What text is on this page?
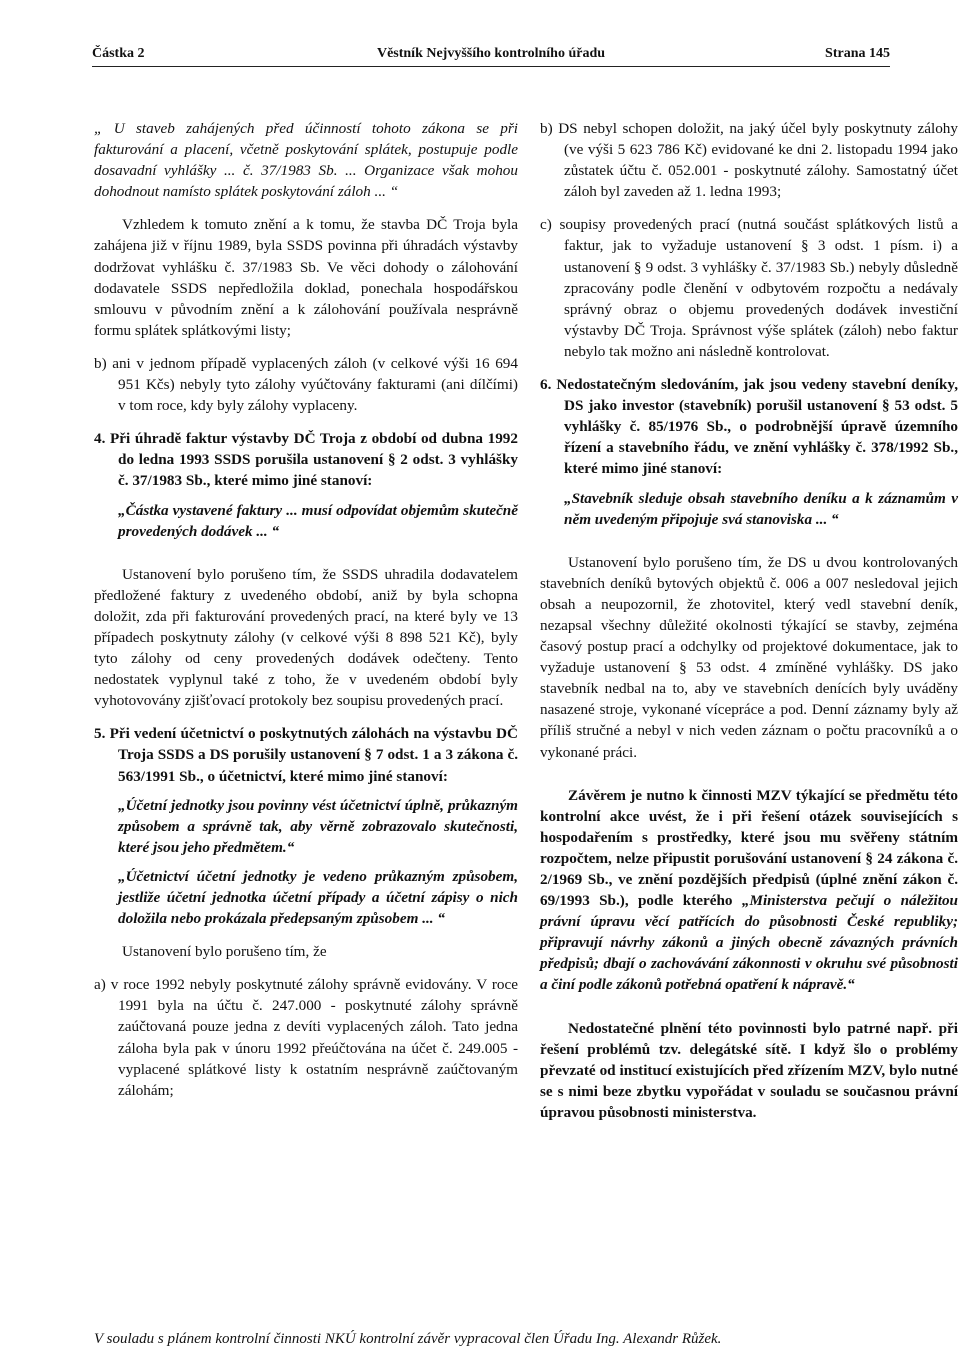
Částka 2	Věstník Nejvyššího kontrolního úřadu	Strana 145

„ U staveb zahájených před účinností tohoto zákona se při fakturování a placení, včetně poskytování splátek, postupuje podle dosavadní vyhlášky ... č. 37/1983 Sb. ... Organizace však mohou dohodnout namísto splátek poskytování záloh ... “

Vzhledem k tomuto znění a k tomu, že stavba DČ Troja byla zahájena již v říjnu 1989, byla SSDS povinna při úhradách výstavby dodržovat vyhlášku č. 37/1983 Sb. Ve věci dohody o zálohování dodavatele SSDS nepředložila doklad, ponechala hospodářskou smlouvu v původním znění a k zálohování používala nesprávně formu splátek splátkovými listy;

b) ani v jednom případě vyplacených záloh (v celkové výši 16 694 951 Kčs) nebyly tyto zálohy vyúčtovány fakturami (ani dílčími) v tom roce, kdy byly zálohy vyplaceny.

4. Při úhradě faktur výstavby DČ Troja z období od dubna 1992 do ledna 1993 SSDS porušila ustanovení § 2 odst. 3 vyhlášky č. 37/1983 Sb., které mimo jiné stanoví:

„Částka vystavené faktury ... musí odpovídat objemům skutečně provedených dodávek ... “

Ustanovení bylo porušeno tím, že SSDS uhradila dodavatelem předložené faktury z uvedeného období, aniž by byla schopna doložit, zda při fakturování provedených prací, na které byly ve 13 případech poskytnuty zálohy (v celkové výši 8 898 521 Kč), byly tyto zálohy od ceny provedených dodávek odečteny. Tento nedostatek vyplynul také z toho, že v uvedeném období byly vyhotovovány zjišťovací protokoly bez soupisu provedených prací.

5. Při vedení účetnictví o poskytnutých zálohách na výstavbu DČ Troja SSDS a DS porušily ustanovení § 7 odst. 1 a 3 zákona č. 563/1991 Sb., o účetnictví, které mimo jiné stanoví:

„Účetní jednotky jsou povinny vést účetnictví úplně, průkazným způsobem a správně tak, aby věrně zobrazovalo skutečnosti, které jsou jeho předmětem.“

„Účetnictví účetní jednotky je vedeno průkazným způsobem, jestliže účetní jednotka účetní případy a účetní zápisy o nich doložila nebo prokázala předepsaným způsobem ... “

Ustanovení bylo porušeno tím, že

a) v roce 1992 nebyly poskytnuté zálohy správně evidovány. V roce 1991 byla na účtu č. 247.000 - poskytnuté zálohy správně zaúčtovaná pouze jedna z devíti vyplacených záloh. Tato jedna záloha byla pak v únoru 1992 přeúčtována na účet č. 249.005 - vyplacené splátkové listy k ostatním nesprávně zaúčtovaným zálohám;

b) DS nebyl schopen doložit, na jaký účel byly poskytnuty zálohy (ve výši 5 623 786 Kč) evidované ke dni 2. listopadu 1994 jako zůstatek účtu č. 052.001 - poskytnuté zálohy. Samostatný účet záloh byl zaveden až 1. ledna 1993;

c) soupisy provedených prací (nutná součást splátkových listů a faktur, jak to vyžaduje ustanovení § 3 odst. 1 písm. i) a ustanovení § 9 odst. 3 vyhlášky č. 37/1983 Sb.) nebyly důsledně zpracovány podle členění v odbytovém rozpočtu a nedávaly správný obraz o objemu provedených dodávek investiční výstavby DČ Troja. Správnost výše splátek (záloh) nebo faktur nebylo tak možno ani následně kontrolovat.

6. Nedostatečným sledováním, jak jsou vedeny stavební deníky, DS jako investor (stavebník) porušil ustanovení § 53 odst. 5 vyhlášky č. 85/1976 Sb., o podrobnější úpravě územního řízení a stavebního řádu, ve znění vyhlášky č. 378/1992 Sb., které mimo jiné stanoví:

„Stavebník sleduje obsah stavebního deníku a k záznamům v něm uvedeným připojuje svá stanoviska ... “

Ustanovení bylo porušeno tím, že DS u dvou kontrolovaných stavebních deníků bytových objektů č. 006 a 007 nesledoval jejich obsah a neupozornil, že zhotovitel, který vedl stavební deník, nezapsal všechny důležité okolnosti týkající se stavby, zejména časový postup prací a odchylky od projektové dokumentace, jak to vyžaduje ustanovení § 53 odst. 4 zmíněné vyhlášky. DS jako stavebník nedbal na to, aby ve stavebních denících byly uváděny nasazené stroje, vykonané vícepráce a pod. Denní záznamy byly až příliš stručné a nebyl v nich veden záznam o počtu pracovníků a o vykonané práci.

Závěrem je nutno k činnosti MZV týkající se předmětu této kontrolní akce uvést, že i při řešení otázek souvisejících s hospodařením s prostředky, které jsou mu svěřeny státním rozpočtem, nelze připustit porušování ustanovení § 24 zákona č. 2/1969 Sb., ve znění pozdějších předpisů (úplné znění zákon č. 69/1993 Sb.), podle kterého „Ministerstva pečují o náležitou právní úpravu věcí patřících do působnosti České republiky; připravují návrhy zákonů a jiných obecně závazných právních předpisů; dbají o zachovávání zákonnosti v okruhu své působnosti a činí podle zákonů potřebná opatření k nápravě.“

Nedostatečné plnění této povinnosti bylo patrné např. při řešení problémů tzv. delegátské sítě. I když šlo o problémy převzaté od institucí existujících před zřízením MZV, bylo nutné se s nimi beze zbytku vypořádat v souladu se současnou právní úpravou působnosti ministerstva.

V souladu s plánem kontrolní činnosti NKÚ kontrolní závěr vypracoval člen Úřadu Ing. Alexandr Růžek.
